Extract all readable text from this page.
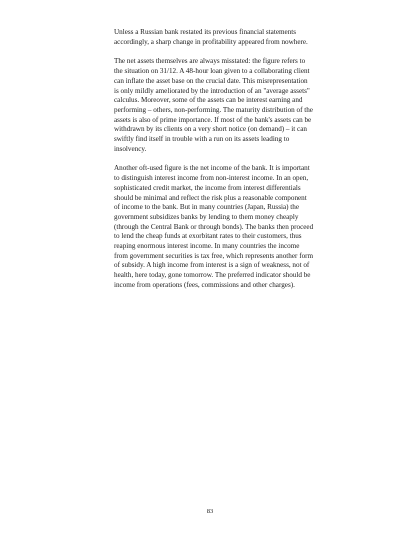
Unless a Russian bank restated its previous financial statements accordingly, a sharp change in profitability appeared from nowhere.

The net assets themselves are always misstated: the figure refers to the situation on 31/12. A 48-hour loan given to a collaborating client can inflate the asset base on the crucial date. This misrepresentation is only mildly ameliorated by the introduction of an "average assets" calculus. Moreover, some of the assets can be interest earning and performing – others, non-performing. The maturity distribution of the assets is also of prime importance. If most of the bank's assets can be withdrawn by its clients on a very short notice (on demand) – it can swiftly find itself in trouble with a run on its assets leading to insolvency.

Another oft-used figure is the net income of the bank. It is important to distinguish interest income from non-interest income. In an open, sophisticated credit market, the income from interest differentials should be minimal and reflect the risk plus a reasonable component of income to the bank. But in many countries (Japan, Russia) the government subsidizes banks by lending to them money cheaply (through the Central Bank or through bonds). The banks then proceed to lend the cheap funds at exorbitant rates to their customers, thus reaping enormous interest income. In many countries the income from government securities is tax free, which represents another form of subsidy. A high income from interest is a sign of weakness, not of health, here today, gone tomorrow. The preferred indicator should be income from operations (fees, commissions and other charges).

83
